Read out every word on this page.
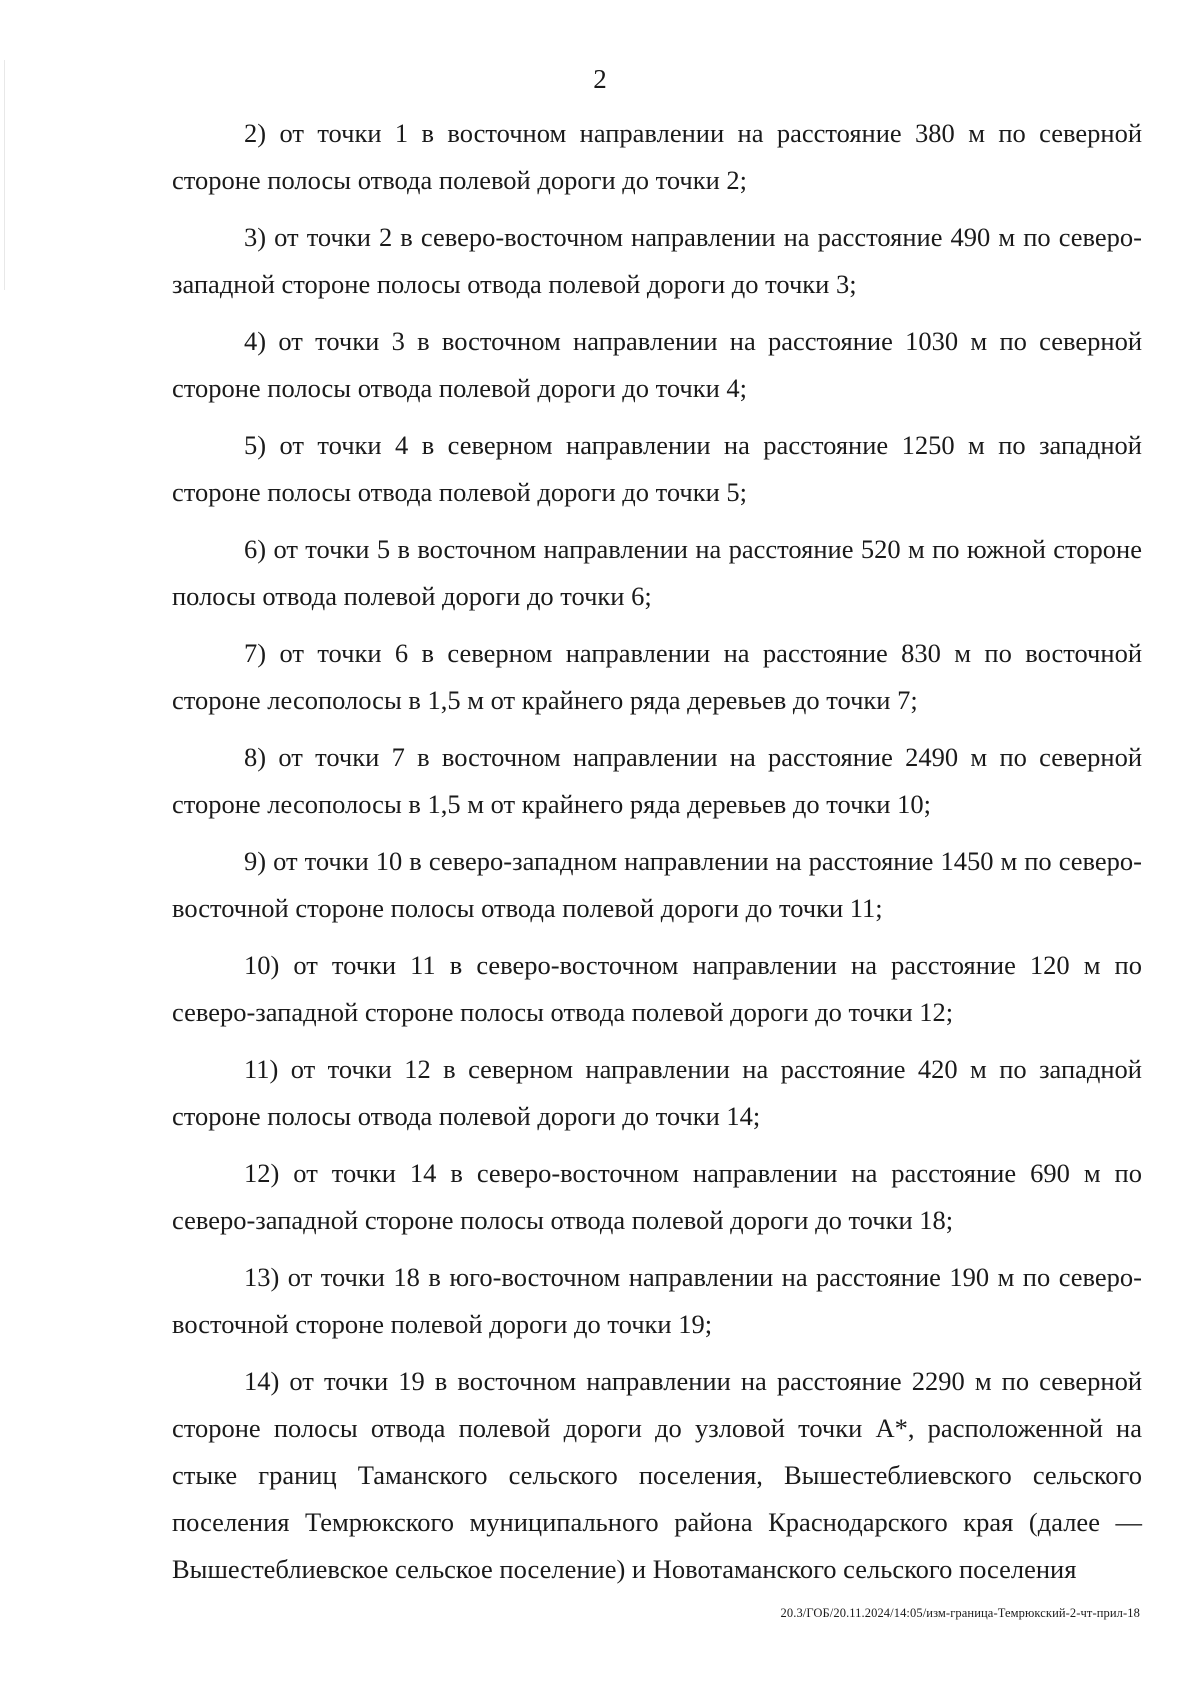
2

2) от точки 1 в восточном направлении на расстояние 380 м по северной стороне полосы отвода полевой дороги до точки 2;

3) от точки 2 в северо-восточном направлении на расстояние 490 м по северо-западной стороне полосы отвода полевой дороги до точки 3;

4) от точки 3 в восточном направлении на расстояние 1030 м по северной стороне полосы отвода полевой дороги до точки 4;

5) от точки 4 в северном направлении на расстояние 1250 м по западной стороне полосы отвода полевой дороги до точки 5;

6) от точки 5 в восточном направлении на расстояние 520 м по южной стороне полосы отвода полевой дороги до точки 6;

7) от точки 6 в северном направлении на расстояние 830 м по восточной стороне лесополосы в 1,5 м от крайнего ряда деревьев до точки 7;

8) от точки 7 в восточном направлении на расстояние 2490 м по северной стороне лесополосы в 1,5 м от крайнего ряда деревьев до точки 10;

9) от точки 10 в северо-западном направлении на расстояние 1450 м по северо-восточной стороне полосы отвода полевой дороги до точки 11;

10) от точки 11 в северо-восточном направлении на расстояние 120 м по северо-западной стороне полосы отвода полевой дороги до точки 12;

11) от точки 12 в северном направлении на расстояние 420 м по западной стороне полосы отвода полевой дороги до точки 14;

12) от точки 14 в северо-восточном направлении на расстояние 690 м по северо-западной стороне полосы отвода полевой дороги до точки 18;

13) от точки 18 в юго-восточном направлении на расстояние 190 м по северо-восточной стороне полевой дороги до точки 19;

14) от точки 19 в восточном направлении на расстояние 2290 м по северной стороне полосы отвода полевой дороги до узловой точки А*, расположенной на стыке границ Таманского сельского поселения, Вышестеблиевского сельского поселения Темрюкского муниципального района Краснодарского края (далее — Вышестеблиевское сельское поселение) и Новотаманского сельского поселения

20.3/ГОБ/20.11.2024/14:05/изм-граница-Темрюкский-2-чт-прил-18
